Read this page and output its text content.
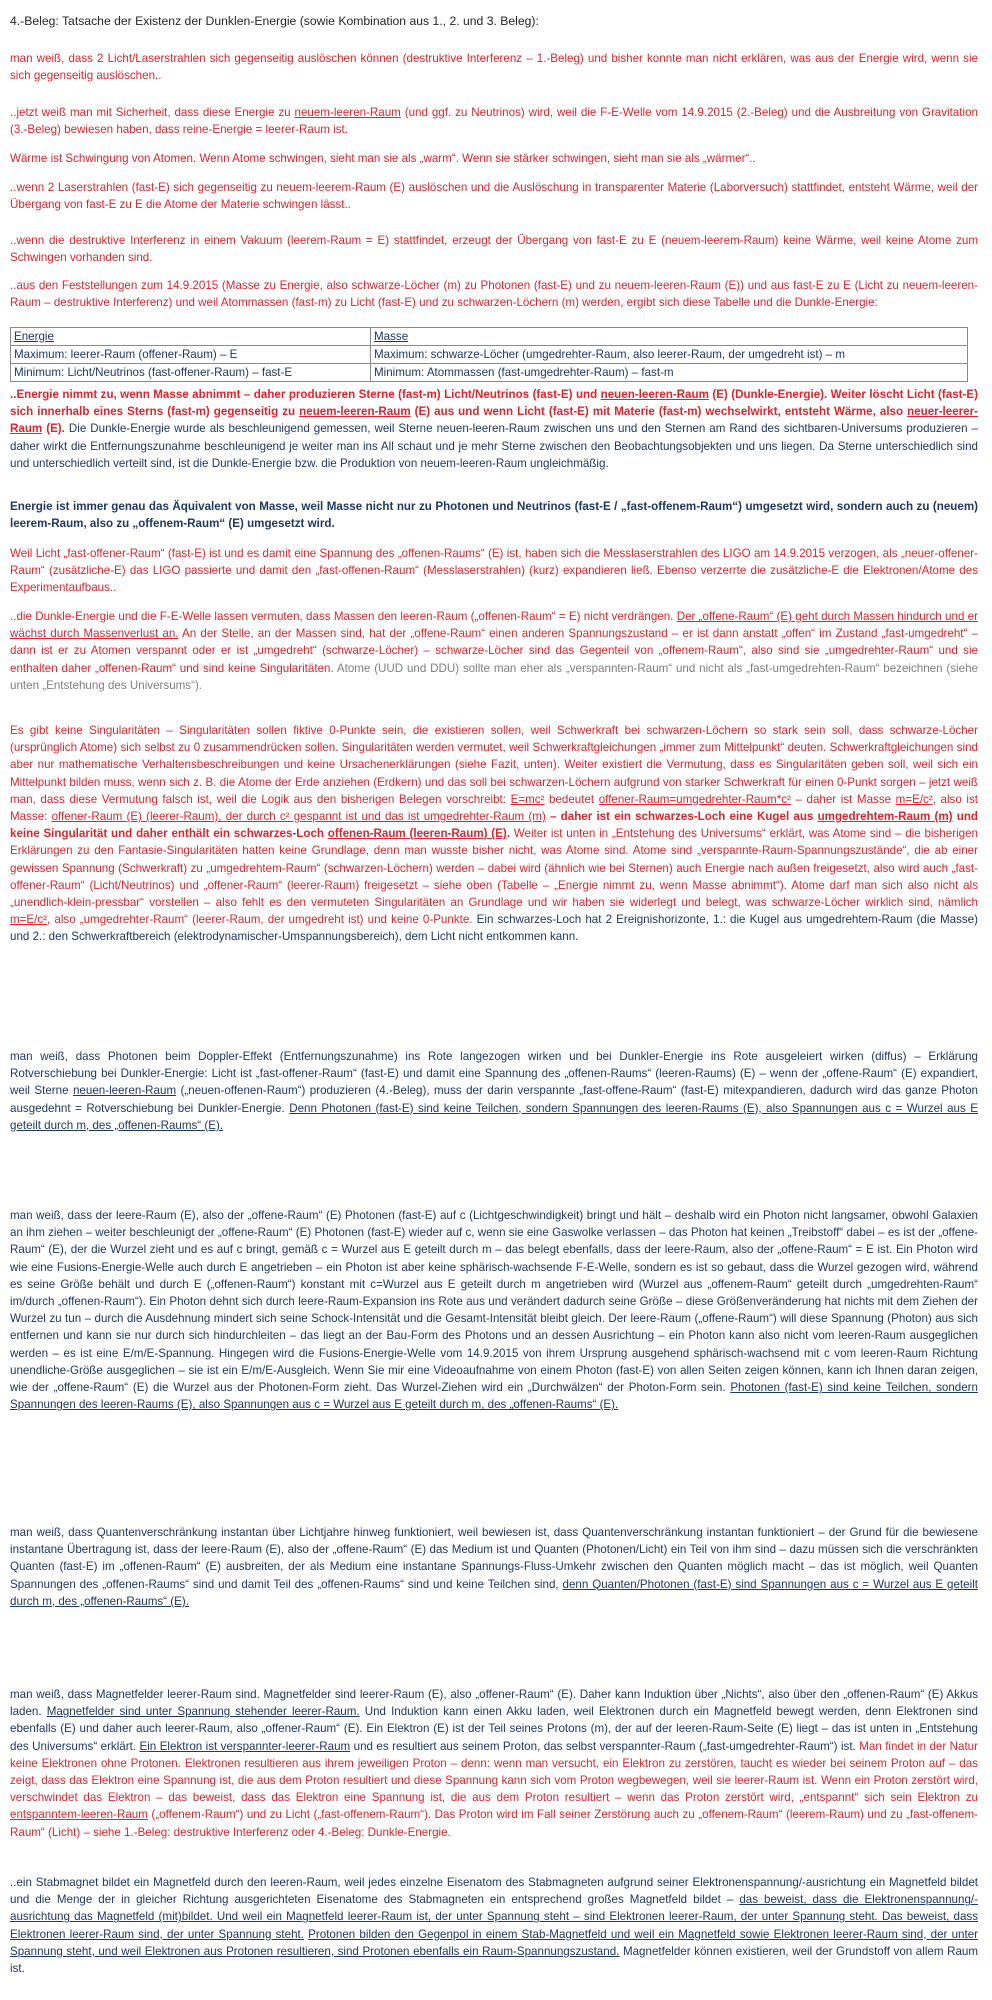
4.-Beleg: Tatsache der Existenz der Dunklen-Energie (sowie Kombination aus 1., 2. und 3. Beleg):

man weiß, dass 2 Licht/Laserstrahlen sich gegenseitig auslöschen können (destruktive Interferenz – 1.-Beleg) und bisher konnte man nicht erklären, was aus der Energie wird, wenn sie sich gegenseitig auslöschen..

..jetzt weiß man mit Sicherheit, dass diese Energie zu neuem-leeren-Raum (und ggf. zu Neutrinos) wird, weil die F-E-Welle vom 14.9.2015 (2.-Beleg) und die Ausbreitung von Gravitation (3.-Beleg) bewiesen haben, dass reine-Energie = leerer-Raum ist.

Wärme ist Schwingung von Atomen. Wenn Atome schwingen, sieht man sie als „warm“. Wenn sie stärker schwingen, sieht man sie als „wärmer“..

..wenn 2 Laserstrahlen (fast-E) sich gegenseitig zu neuem-leerem-Raum (E) auslöschen und die Auslöschung in transparenter Materie (Laborversuch) stattfindet, entsteht Wärme, weil der Übergang von fast-E zu E die Atome der Materie schwingen lässt..

..wenn die destruktive Interferenz in einem Vakuum (leerem-Raum = E) stattfindet, erzeugt der Übergang von fast-E zu E (neuem-leerem-Raum) keine Wärme, weil keine Atome zum Schwingen vorhanden sind.

..aus den Feststellungen zum 14.9.2015 (Masse zu Energie, also schwarze-Löcher (m) zu Photonen (fast-E) und zu neuem-leeren-Raum (E)) und aus fast-E zu E (Licht zu neuem-leeren-Raum – destruktive Interferenz) und weil Atommassen (fast-m) zu Licht (fast-E) und zu schwarzen-Löchern (m) werden, ergibt sich diese Tabelle und die Dunkle-Energie:

Energie	Masse
Maximum: leerer-Raum (offener-Raum) – E	Maximum: schwarze-Löcher (umgedrehter-Raum, also leerer-Raum, der umgedreht ist) – m
Minimum: Licht/Neutrinos (fast-offener-Raum) – fast-E	Minimum: Atommassen (fast-umgedrehter-Raum) – fast-m

..Energie nimmt zu, wenn Masse abnimmt – daher produzieren Sterne (fast-m) Licht/Neutrinos (fast-E) und neuen-leeren-Raum (E) (Dunkle-Energie). Weiter löscht Licht (fast-E) sich innerhalb eines Sterns (fast-m) gegenseitig zu neuem-leeren-Raum (E) aus und wenn Licht (fast-E) mit Materie (fast-m) wechselwirkt, entsteht Wärme, also neuer-leerer-Raum (E). Die Dunkle-Energie wurde als beschleunigend gemessen, weil Sterne neuen-leeren-Raum zwischen uns und den Sternen am Rand des sichtbaren-Universums produzieren – daher wirkt die Entfernungszunahme beschleunigend je weiter man ins All schaut und je mehr Sterne zwischen den Beobachtungsobjekten und uns liegen. Da Sterne unterschiedlich sind und unterschiedlich verteilt sind, ist die Dunkle-Energie bzw. die Produktion von neuem-leeren-Raum ungleichmäßig.

Energie ist immer genau das Äquivalent von Masse, weil Masse nicht nur zu Photonen und Neutrinos (fast-E / „fast-offenem-Raum“) umgesetzt wird, sondern auch zu (neuem) leerem-Raum, also zu „offenem-Raum“ (E) umgesetzt wird.

Weil Licht „fast-offener-Raum“ (fast-E) ist und es damit eine Spannung des „offenen-Raums“ (E) ist, haben sich die Messlaserstrahlen des LIGO am 14.9.2015 verzogen, als „neuer-offener-Raum“ (zusätzliche-E) das LIGO passierte und damit den „fast-offenen-Raum“ (Messlaserstrahlen) (kurz) expandieren ließ. Ebenso verzerrte die zusätzliche-E die Elektronen/Atome des Experimentaufbaus..

..die Dunkle-Energie und die F-E-Welle lassen vermuten, dass Massen den leeren-Raum („offenen-Raum“ = E) nicht verdrängen. Der „offene-Raum“ (E) geht durch Massen hindurch und er wächst durch Massenverlust an. An der Stelle, an der Massen sind, hat der „offene-Raum“ einen anderen Spannungszustand – er ist dann anstatt „offen“ im Zustand „fast-umgedreht“ – dann ist er zu Atomen verspannt oder er ist „umgedreht“ (schwarze-Löcher) – schwarze-Löcher sind das Gegenteil von „offenem-Raum“, also sind sie „umgedrehter-Raum“ und sie enthalten daher „offenen-Raum“ und sind keine Singularitäten. Atome (UUD und DDU) sollte man eher als „verspannten-Raum“ und nicht als „fast-umgedrehten-Raum“ bezeichnen (siehe unten „Entstehung des Universums“).

Es gibt keine Singularitäten – Singularitäten sollen fiktive 0-Punkte sein, die existieren sollen, weil Schwerkraft bei schwarzen-Löchern so stark sein soll, dass schwarze-Löcher (ursprünglich Atome) sich selbst zu 0 zusammendrücken sollen. Singularitäten werden vermutet, weil Schwerkraftgleichungen „immer zum Mittelpunkt“ deuten. Schwerkraftgleichungen sind aber nur mathematische Verhaltensbeschreibungen und keine Ursachenerklärungen (siehe Fazit, unten). Weiter existiert die Vermutung, dass es Singularitäten geben soll, weil sich ein Mittelpunkt bilden muss, wenn sich z. B. die Atome der Erde anziehen (Erdkern) und das soll bei schwarzen-Löchern aufgrund von starker Schwerkraft für einen 0-Punkt sorgen – jetzt weiß man, dass diese Vermutung falsch ist, weil die Logik aus den bisherigen Belegen vorschreibt: E=mc² bedeutet offener-Raum=umgedrehter-Raum*c² – daher ist Masse m=E/c², also ist Masse: offener-Raum (E) (leerer-Raum), der durch c² gespannt ist und das ist umgedrehter-Raum (m) – daher ist ein schwarzes-Loch eine Kugel aus umgedrehtem-Raum (m) und keine Singularität und daher enthält ein schwarzes-Loch offenen-Raum (leeren-Raum) (E). Weiter ist unten in „Entstehung des Universums“ erklärt, was Atome sind – die bisherigen Erklärungen zu den Fantasie-Singularitäten hatten keine Grundlage, denn man wusste bisher nicht, was Atome sind. Atome sind „verspannte-Raum-Spannungszustände“, die ab einer gewissen Spannung (Schwerkraft) zu „umgedrehtem-Raum“ (schwarzen-Löchern) werden – dabei wird (ähnlich wie bei Sternen) auch Energie nach außen freigesetzt, also wird auch „fast-offener-Raum“ (Licht/Neutrinos) und „offener-Raum“ (leerer-Raum) freigesetzt – siehe oben (Tabelle – „Energie nimmt zu, wenn Masse abnimmt“). Atome darf man sich also nicht als „unendlich-klein-pressbar“ vorstellen – also fehlt es den vermuteten Singularitäten an Grundlage und wir haben sie widerlegt und belegt, was schwarze-Löcher wirklich sind, nämlich m=E/c², also „umgedrehter-Raum“ (leerer-Raum, der umgedreht ist) und keine 0-Punkte. Ein schwarzes-Loch hat 2 Ereignishorizonte, 1.: die Kugel aus umgedrehtem-Raum (die Masse) und 2.: den Schwerkraftbereich (elektrodynamischer-Umspannungsbereich), dem Licht nicht entkommen kann.

man weiß, dass Photonen beim Doppler-Effekt (Entfernungszunahme) ins Rote langezogen wirken und bei Dunkler-Energie ins Rote ausgeleiert wirken (diffus) – Erklärung Rotverschiebung bei Dunkler-Energie: Licht ist „fast-offener-Raum“ (fast-E) und damit eine Spannung des „offenen-Raums“ (leeren-Raums) (E) – wenn der „offene-Raum“ (E) expandiert, weil Sterne neuen-leeren-Raum („neuen-offenen-Raum“) produzieren (4.-Beleg), muss der darin verspannte „fast-offene-Raum“ (fast-E) mitexpandieren, dadurch wird das ganze Photon ausgedehnt = Rotverschiebung bei Dunkler-Energie. Denn Photonen (fast-E) sind keine Teilchen, sondern Spannungen des leeren-Raums (E), also Spannungen aus c = Wurzel aus E geteilt durch m, des „offenen-Raums“ (E).

man weiß, dass der leere-Raum (E), also der „offene-Raum“ (E) Photonen (fast-E) auf c (Lichtgeschwindigkeit) bringt und hält – deshalb wird ein Photon nicht langsamer, obwohl Galaxien an ihm ziehen – weiter beschleunigt der „offene-Raum“ (E) Photonen (fast-E) wieder auf c, wenn sie eine Gaswolke verlassen – das Photon hat keinen „Treibstoff“ dabei – es ist der „offene-Raum“ (E), der die Wurzel zieht und es auf c bringt, gemäß c = Wurzel aus E geteilt durch m – das belegt ebenfalls, dass der leere-Raum, also der „offene-Raum“ = E ist. Ein Photon wird wie eine Fusions-Energie-Welle auch durch E angetrieben – ein Photon ist aber keine sphärisch-wachsende F-E-Welle, sondern es ist so gebaut, dass die Wurzel gezogen wird, während es seine Größe behält und durch E („offenen-Raum“) konstant mit c=Wurzel aus E geteilt durch m angetrieben wird (Wurzel aus „offenem-Raum“ geteilt durch „umgedrehten-Raum“ im/durch „offenen-Raum“). Ein Photon dehnt sich durch leere-Raum-Expansion ins Rote aus und verändert dadurch seine Größe – diese Größenveränderung hat nichts mit dem Ziehen der Wurzel zu tun – durch die Ausdehnung mindert sich seine Schock-Intensität und die Gesamt-Intensität bleibt gleich. Der leere-Raum („offene-Raum“) will diese Spannung (Photon) aus sich entfernen und kann sie nur durch sich hindurchleiten – das liegt an der Bau-Form des Photons und an dessen Ausrichtung – ein Photon kann also nicht vom leeren-Raum ausgeglichen werden – es ist eine E/m/E-Spannung. Hingegen wird die Fusions-Energie-Welle vom 14.9.2015 von ihrem Ursprung ausgehend sphärisch-wachsend mit c vom leeren-Raum Richtung unendliche-Größe ausgeglichen – sie ist ein E/m/E-Ausgleich. Wenn Sie mir eine Videoaufnahme von einem Photon (fast-E) von allen Seiten zeigen können, kann ich Ihnen daran zeigen, wie der „offene-Raum“ (E) die Wurzel aus der Photonen-Form zieht. Das Wurzel-Ziehen wird ein „Durchwälzen“ der Photon-Form sein. Photonen (fast-E) sind keine Teilchen, sondern Spannungen des leeren-Raums (E), also Spannungen aus c = Wurzel aus E geteilt durch m, des „offenen-Raums“ (E).

man weiß, dass Quantenverschränkung instantan über Lichtjahre hinweg funktioniert, weil bewiesen ist, dass Quantenverschränkung instantan funktioniert – der Grund für die bewiesene instantane Übertragung ist, dass der leere-Raum (E), also der „offene-Raum“ (E) das Medium ist und Quanten (Photonen/Licht) ein Teil von ihm sind – dazu müssen sich die verschränkten Quanten (fast-E) im „offenen-Raum“ (E) ausbreiten, der als Medium eine instantane Spannungs-Fluss-Umkehr zwischen den Quanten möglich macht – das ist möglich, weil Quanten Spannungen des „offenen-Raums“ sind und damit Teil des „offenen-Raums“ sind und keine Teilchen sind, denn Quanten/Photonen (fast-E) sind Spannungen aus c = Wurzel aus E geteilt durch m, des „offenen-Raums“ (E).

man weiß, dass Magnetfelder leerer-Raum sind. Magnetfelder sind leerer-Raum (E), also „offener-Raum“ (E). Daher kann Induktion über „Nichts“, also über den „offenen-Raum“ (E) Akkus laden. Magnetfelder sind unter Spannung stehender leerer-Raum. Und Induktion kann einen Akku laden, weil Elektronen durch ein Magnetfeld bewegt werden, denn Elektronen sind ebenfalls (E) und daher auch leerer-Raum, also „offener-Raum“ (E). Ein Elektron (E) ist der Teil seines Protons (m), der auf der leeren-Raum-Seite (E) liegt – das ist unten in „Entstehung des Universums“ erklärt. Ein Elektron ist verspannter-leerer-Raum und es resultiert aus seinem Proton, das selbst verspannter-Raum („fast-umgedrehter-Raum“) ist. Man findet in der Natur keine Elektronen ohne Protonen. Elektronen resultieren aus ihrem jeweiligen Proton – denn: wenn man versucht, ein Elektron zu zerstören, taucht es wieder bei seinem Proton auf – das zeigt, dass das Elektron eine Spannung ist, die aus dem Proton resultiert und diese Spannung kann sich vom Proton wegbewegen, weil sie leerer-Raum ist. Wenn ein Proton zerstört wird, verschwindet das Elektron – das beweist, dass das Elektron eine Spannung ist, die aus dem Proton resultiert – wenn das Proton zerstört wird, „entspannt“ sich sein Elektron zu entspanntem-leeren-Raum („offenem-Raum“) und zu Licht („fast-offenem-Raum“). Das Proton wird im Fall seiner Zerstörung auch zu „offenem-Raum“ (leerem-Raum) und zu „fast-offenem-Raum“ (Licht) – siehe 1.-Beleg: destruktive Interferenz oder 4.-Beleg: Dunkle-Energie.

..ein Stabmagnet bildet ein Magnetfeld durch den leeren-Raum, weil jedes einzelne Eisenatom des Stabmagneten aufgrund seiner Elektronenspannung/-ausrichtung ein Magnetfeld bildet und die Menge der in gleicher Richtung ausgerichteten Eisenatome des Stabmagneten ein entsprechend großes Magnetfeld bildet – das beweist, dass die Elektronenspannung/-ausrichtung das Magnetfeld (mit)bildet. Und weil ein Magnetfeld leerer-Raum ist, der unter Spannung steht – sind Elektronen leerer-Raum, der unter Spannung steht. Das beweist, dass Elektronen leerer-Raum sind, der unter Spannung steht. Protonen bilden den Gegenpol in einem Stab-Magnetfeld und weil ein Magnetfeld sowie Elektronen leerer-Raum sind, der unter Spannung steht, und weil Elektronen aus Protonen resultieren, sind Protonen ebenfalls ein Raum-Spannungszustand. Magnetfelder können existieren, weil der Grundstoff von allem Raum ist.
